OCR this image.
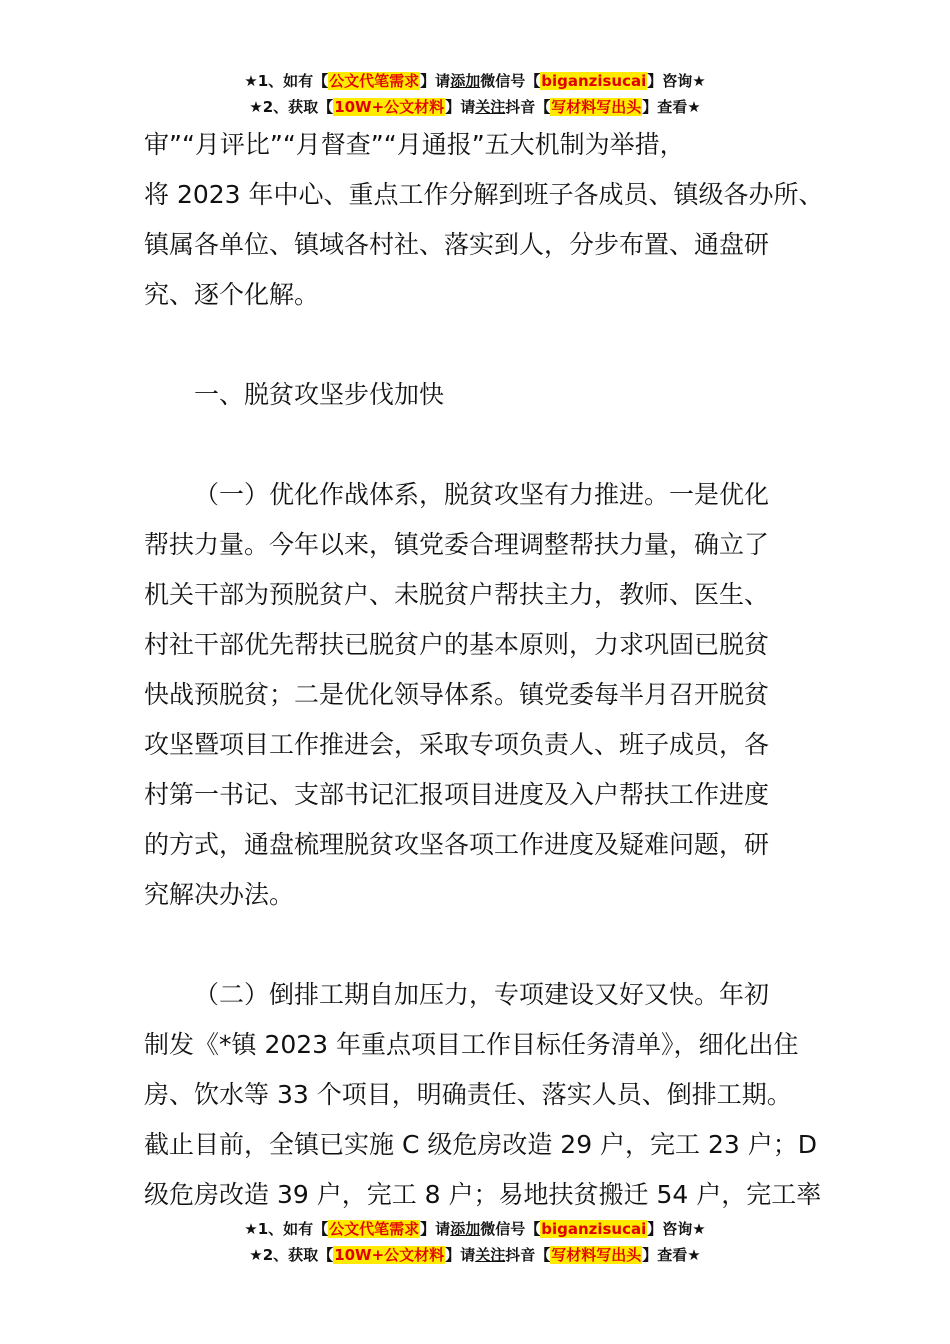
★1、如有【公文代笔需求】请添加微信号【biganzisucai】咨询★
★2、获取【10W+公文材料】请关注抖音【写材料写出头】查看★

审”“月评比”“月督查”“月通报”五大机制为举措，

将 2023 年中心、重点工作分解到班子各成员、镇级各办所、

镇属各单位、镇域各村社、落实到人，分步布置、通盘研

究、逐个化解。

一、脱贫攻坚步伐加快

（一）优化作战体系，脱贫攻坚有力推进。一是优化

帮扶力量。今年以来，镇党委合理调整帮扶力量，确立了

机关干部为预脱贫户、未脱贫户帮扶主力，教师、医生、

村社干部优先帮扶已脱贫户的基本原则，力求巩固已脱贫

快战预脱贫；二是优化领导体系。镇党委每半月召开脱贫

攻坚暨项目工作推进会，采取专项负责人、班子成员，各

村第一书记、支部书记汇报项目进度及入户帮扶工作进度

的方式，通盘梳理脱贫攻坚各项工作进度及疑难问题，研

究解决办法。

（二）倒排工期自加压力，专项建设又好又快。年初

制发《*镇 2023 年重点项目工作目标任务清单》，细化出住

房、饮水等 33 个项目，明确责任、落实人员、倒排工期。

截止目前，全镇已实施 C 级危房改造 29 户，完工 23 户；D

级危房改造 39 户，完工 8 户；易地扶贫搬迁 54 户，完工率

★1、如有【公文代笔需求】请添加微信号【biganzisucai】咨询★
★2、获取【10W+公文材料】请关注抖音【写材料写出头】查看★
